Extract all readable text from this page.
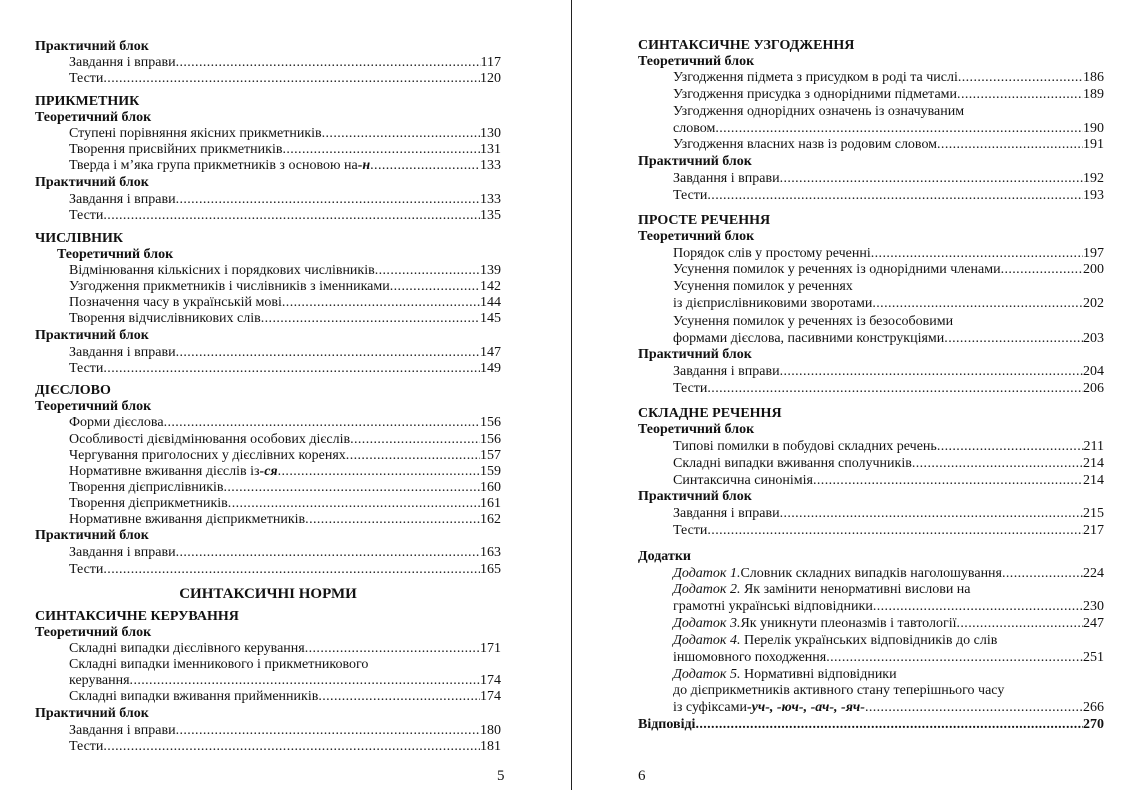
Практичний блок
Завдання і вправи .....	117
Тести .....	120
ПРИКМЕТНИК
Теоретичний блок
Ступені порівняння якісних прикметників .....	130
Творення присвійних прикметників .....	131
Тверда і м’яка група прикметників з основою на -н .....	133
Практичний блок
Завдання і вправи .....	133
Тести .....	135
ЧИСЛІВНИК
Теоретичний блок
Відмінювання кількісних і порядкових числівників .....	139
Узгодження прикметників і числівників з іменниками .....	142
Позначення часу в українській мові .....	144
Творення відчислівникових слів .....	145
Практичний блок
Завдання і вправи .....	147
Тести .....	149
ДІЄСЛОВО
Теоретичний блок
Форми дієслова .....	156
Особливості дієвідмінювання особових дієслів .....	156
Чергування приголосних у дієслівних коренях .....	157
Нормативне вживання дієслів із -ся .....	159
Творення дієприслівників .....	160
Творення дієприкметників .....	161
Нормативне вживання дієприкметників .....	162
Практичний блок
Завдання і вправи .....	163
Тести .....	165
СИНТАКСИЧНІ НОРМИ
СИНТАКСИЧНЕ КЕРУВАННЯ
Теоретичний блок
Складні випадки дієслівного керування .....	171
Складні випадки іменникового і прикметникового
керування .....	174
Складні випадки вживання прийменників .....	174
Практичний блок
Завдання і вправи .....	180
Тести .....	181
5
СИНТАКСИЧНЕ УЗГОДЖЕННЯ
Теоретичний блок
Узгодження підмета з присудком в роді та числі .....	186
Узгодження присудка з однорідними підметами .....	189
Узгодження однорідних означень із означуваним
словом .....	190
Узгодження власних назв із родовим словом .....	191
Практичний блок
Завдання і вправи .....	192
Тести .....	193
ПРОСТЕ РЕЧЕННЯ
Теоретичний блок
Порядок слів у простому реченні .....	197
Усунення помилок у реченнях із однорідними членами .....	200
Усунення помилок у реченнях
із дієприслівниковими зворотами .....	202
Усунення помилок у реченнях із безособовими
формами дієслова, пасивними конструкціями .....	203
Практичний блок
Завдання і вправи .....	204
Тести .....	206
СКЛАДНЕ РЕЧЕННЯ
Теоретичний блок
Типові помилки в побудові складних речень .....	211
Складні випадки вживання сполучників .....	214
Синтаксична синонімія .....	214
Практичний блок
Завдання і вправи .....	215
Тести .....	217
Додатки
Додаток 1. Словник складних випадків наголошування .....	224
Додаток 2. Як замінити ненормативні вислови на
грамотні українські відповідники .....	230
Додаток 3. Як уникнути плеоназмів і тавтології .....	247
Додаток 4. Перелік українських відповідників до слів
іншомовного походження .....	251
Додаток 5. Нормативні відповідники
до дієприкметників активного стану теперішнього часу
із суфіксами -уч-, -юч-, -ач-, -яч- .....	266
Відповіді .....	270
6
